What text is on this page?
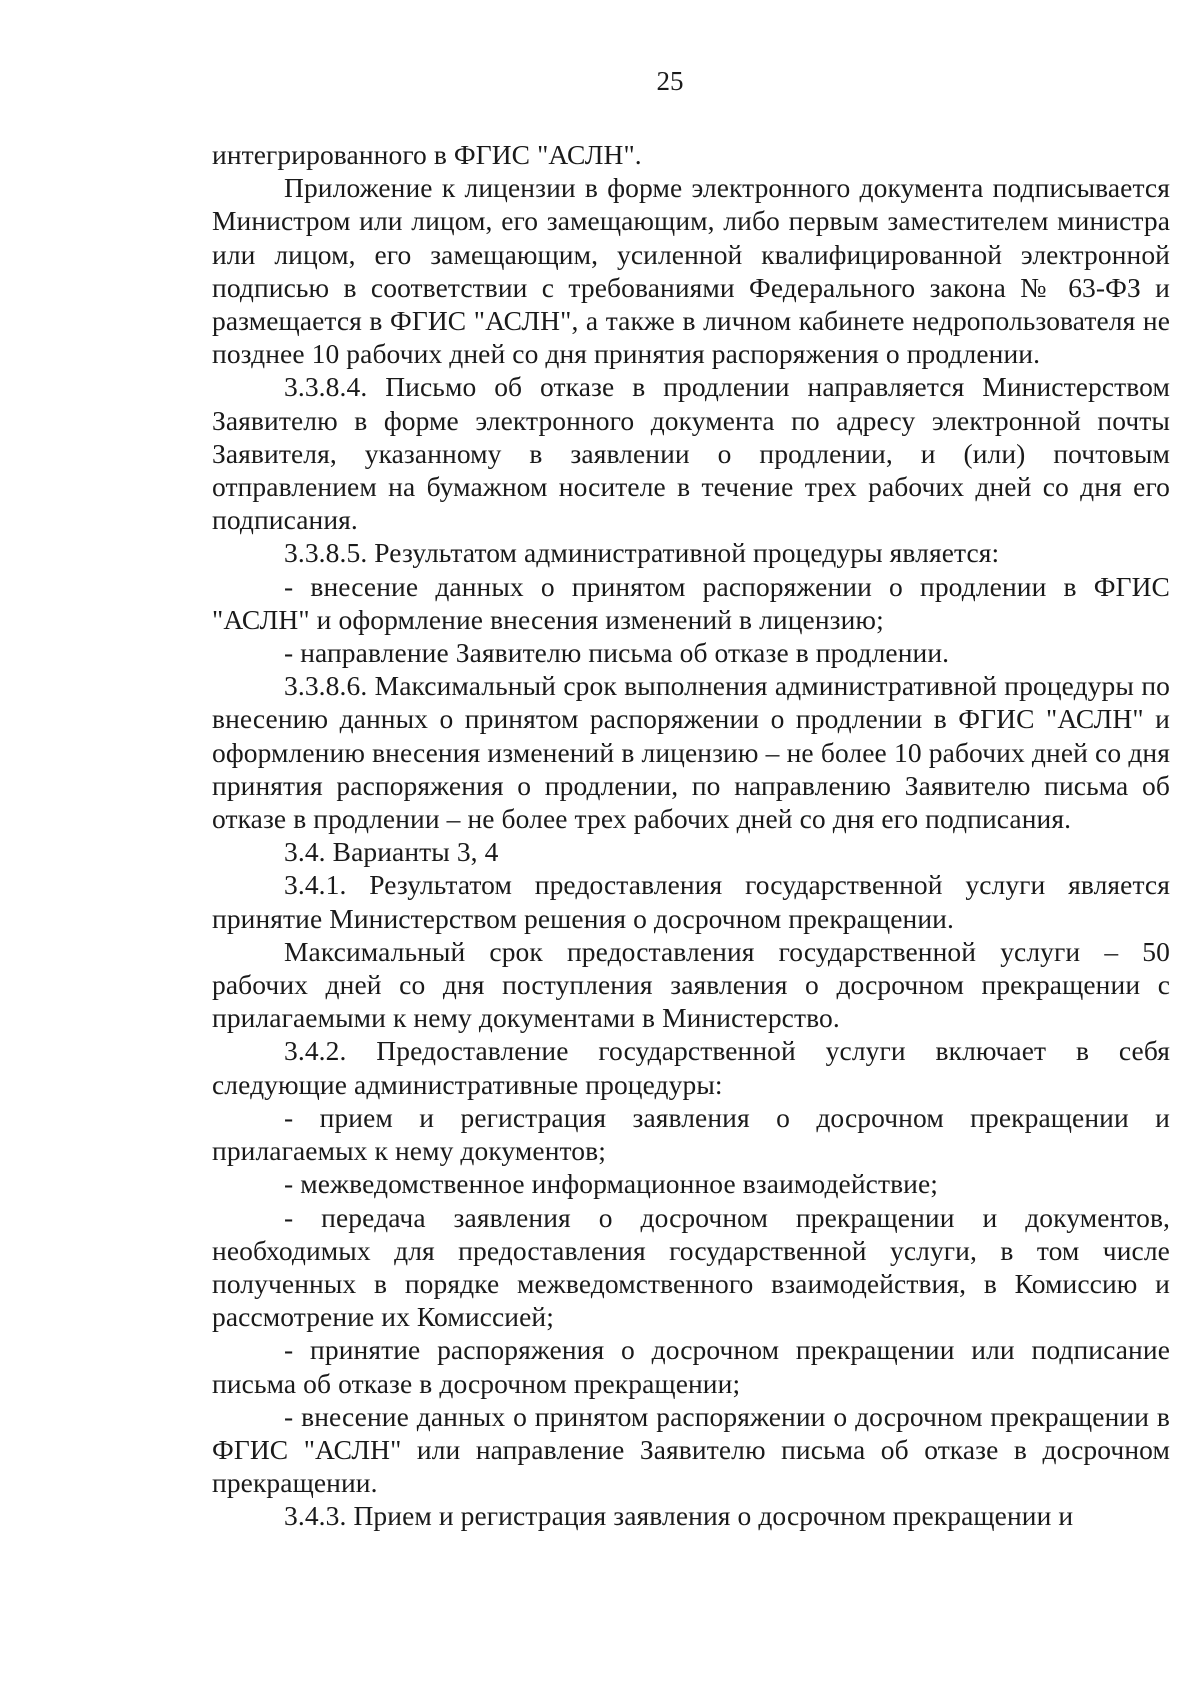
25

интегрированного в ФГИС "АСЛН".

Приложение к лицензии в форме электронного документа подписывается Министром или лицом, его замещающим, либо первым заместителем министра или лицом, его замещающим, усиленной квалифицированной электронной подписью в соответствии с требованиями Федерального закона № 63-ФЗ и размещается в ФГИС "АСЛН", а также в личном кабинете недропользователя не позднее 10 рабочих дней со дня принятия распоряжения о продлении.

3.3.8.4. Письмо об отказе в продлении направляется Министерством Заявителю в форме электронного документа по адресу электронной почты Заявителя, указанному в заявлении о продлении, и (или) почтовым отправлением на бумажном носителе в течение трех рабочих дней со дня его подписания.

3.3.8.5. Результатом административной процедуры является:

- внесение данных о принятом распоряжении о продлении в ФГИС "АСЛН" и оформление внесения изменений в лицензию;

- направление Заявителю письма об отказе в продлении.

3.3.8.6. Максимальный срок выполнения административной процедуры по внесению данных о принятом распоряжении о продлении в ФГИС "АСЛН" и оформлению внесения изменений в лицензию – не более 10 рабочих дней со дня принятия распоряжения о продлении, по направлению Заявителю письма об отказе в продлении – не более трех рабочих дней со дня его подписания.

3.4. Варианты 3, 4

3.4.1. Результатом предоставления государственной услуги является принятие Министерством решения о досрочном прекращении.

Максимальный срок предоставления государственной услуги – 50 рабочих дней со дня поступления заявления о досрочном прекращении с прилагаемыми к нему документами в Министерство.

3.4.2. Предоставление государственной услуги включает в себя следующие административные процедуры:

- прием и регистрация заявления о досрочном прекращении и прилагаемых к нему документов;

- межведомственное информационное взаимодействие;

- передача заявления о досрочном прекращении и документов, необходимых для предоставления государственной услуги, в том числе полученных в порядке межведомственного взаимодействия, в Комиссию и рассмотрение их Комиссией;

- принятие распоряжения о досрочном прекращении или подписание письма об отказе в досрочном прекращении;

- внесение данных о принятом распоряжении о досрочном прекращении в ФГИС "АСЛН" или направление Заявителю письма об отказе в досрочном прекращении.

3.4.3. Прием и регистрация заявления о досрочном прекращении и
